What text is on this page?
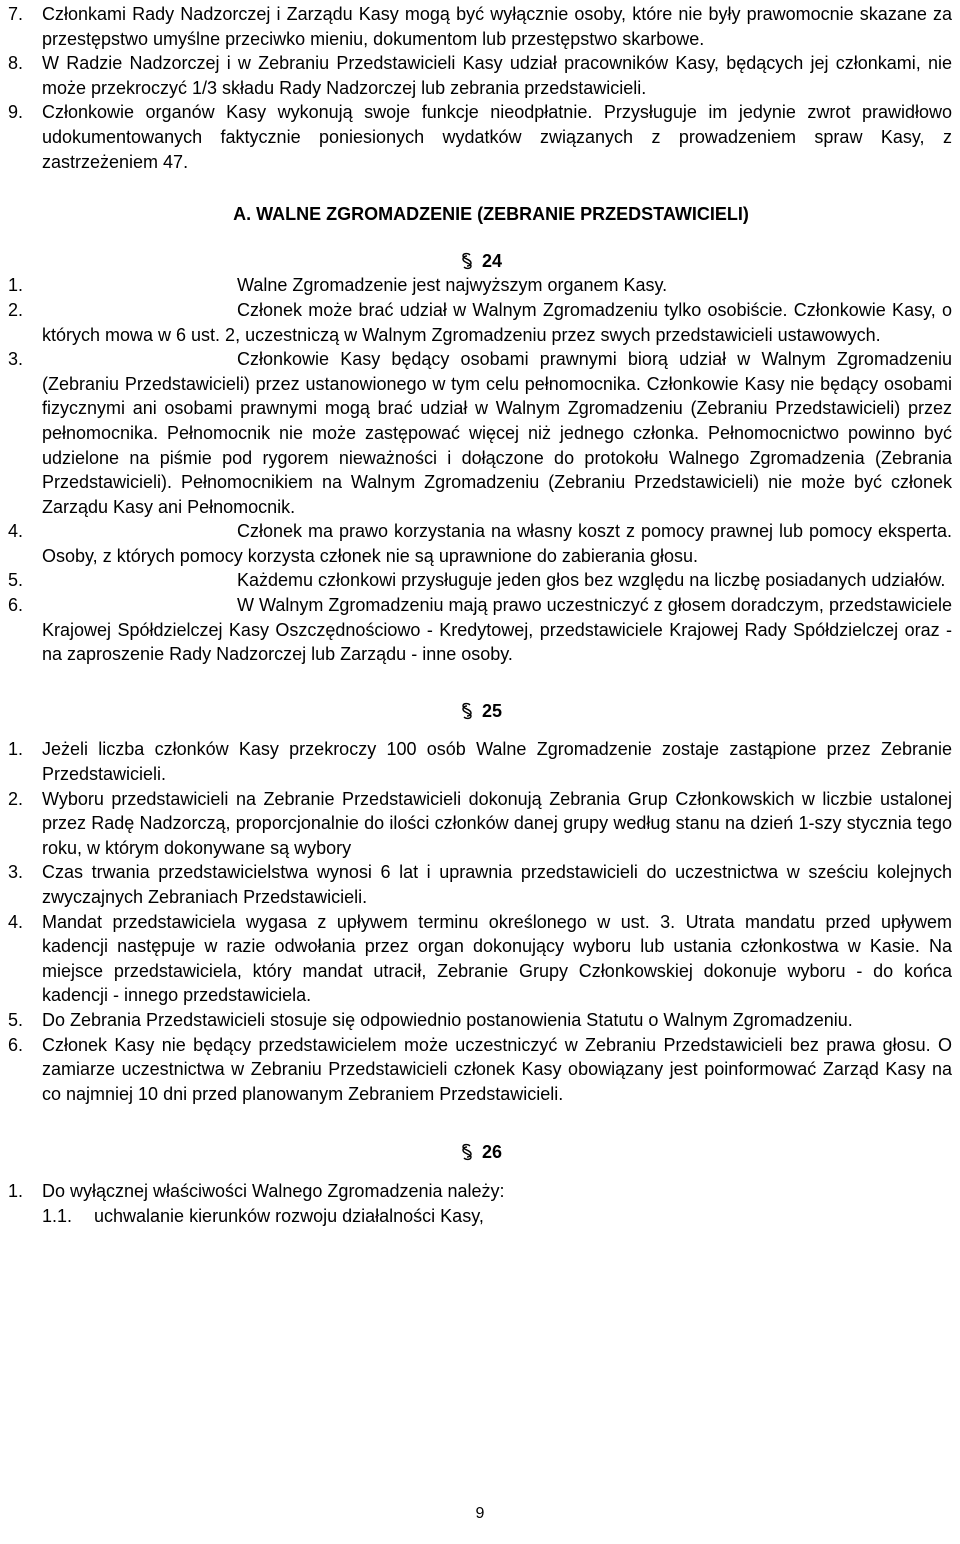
7. Członkami Rady Nadzorczej i Zarządu Kasy mogą być wyłącznie osoby, które nie były prawomocnie skazane za przestępstwo umyślne przeciwko mieniu, dokumentom lub przestępstwo skarbowe.

8. W Radzie Nadzorczej i w Zebraniu Przedstawicieli Kasy udział pracowników Kasy, będących jej członkami, nie może przekroczyć 1/3 składu Rady Nadzorczej lub zebrania przedstawicieli.

9. Członkowie organów Kasy wykonują swoje funkcje nieodpłatnie. Przysługuje im jedynie zwrot prawidłowo udokumentowanych faktycznie poniesionych wydatków związanych z prowadzeniem spraw Kasy, z zastrzeżeniem 47.

A. WALNE ZGROMADZENIE (ZEBRANIE PRZEDSTAWICIELI)

24

1.	Walne Zgromadzenie jest najwyższym organem Kasy.

2.	Członek może brać udział w Walnym Zgromadzeniu tylko osobiście. Członkowie Kasy, o których mowa w 6 ust. 2, uczestniczą w Walnym Zgromadzeniu przez swych przedstawicieli ustawowych.

3.	Członkowie Kasy będący osobami prawnymi biorą udział w Walnym Zgromadzeniu (Zebraniu Przedstawicieli) przez ustanowionego w tym celu pełnomocnika. Członkowie Kasy nie będący osobami fizycznymi ani osobami prawnymi mogą brać udział w Walnym Zgromadzeniu (Zebraniu Przedstawicieli) przez pełnomocnika. Pełnomocnik nie może zastępować więcej niż jednego członka. Pełnomocnictwo powinno być udzielone na piśmie pod rygorem nieważności i dołączone do protokołu Walnego Zgromadzenia (Zebrania Przedstawicieli). Pełnomocnikiem na Walnym Zgromadzeniu (Zebraniu Przedstawicieli) nie może być członek Zarządu Kasy ani Pełnomocnik.

4.	Członek ma prawo korzystania na własny koszt z pomocy prawnej lub pomocy eksperta. Osoby, z których pomocy korzysta członek nie są uprawnione do zabierania głosu.

5.	Każdemu członkowi przysługuje jeden głos bez względu na liczbę posiadanych udziałów.

6.	W Walnym Zgromadzeniu mają prawo uczestniczyć z głosem doradczym, przedstawiciele Krajowej Spółdzielczej Kasy Oszczędnościowo - Kredytowej, przedstawiciele Krajowej Rady Spółdzielczej oraz - na zaproszenie Rady Nadzorczej lub Zarządu - inne osoby.

25

1. Jeżeli liczba członków Kasy przekroczy 100 osób Walne Zgromadzenie zostaje zastąpione przez Zebranie Przedstawicieli.

2. Wyboru przedstawicieli na Zebranie Przedstawicieli dokonują Zebrania Grup Członkowskich w liczbie ustalonej przez Radę Nadzorczą, proporcjonalnie do ilości członków danej grupy według stanu na dzień 1-szy stycznia tego roku, w którym dokonywane są wybory

3. Czas trwania przedstawicielstwa wynosi 6 lat i uprawnia przedstawicieli do uczestnictwa w sześciu kolejnych zwyczajnych Zebraniach Przedstawicieli.

4. Mandat przedstawiciela wygasa z upływem terminu określonego w ust. 3. Utrata mandatu przed upływem kadencji następuje w razie odwołania przez organ dokonujący wyboru lub ustania członkostwa w Kasie. Na miejsce przedstawiciela, który mandat utracił, Zebranie Grupy Członkowskiej dokonuje wyboru - do końca kadencji - innego przedstawiciela.

5. Do Zebrania Przedstawicieli stosuje się odpowiednio postanowienia Statutu o Walnym Zgromadzeniu.

6. Członek Kasy nie będący przedstawicielem może uczestniczyć w Zebraniu Przedstawicieli bez prawa głosu. O zamiarze uczestnictwa w Zebraniu Przedstawicieli członek Kasy obowiązany jest poinformować Zarząd Kasy na co najmniej 10 dni przed planowanym Zebraniem Przedstawicieli.

26

1. Do wyłącznej właściwości Walnego Zgromadzenia należy:

1.1. uchwalanie kierunków rozwoju działalności Kasy,

9
